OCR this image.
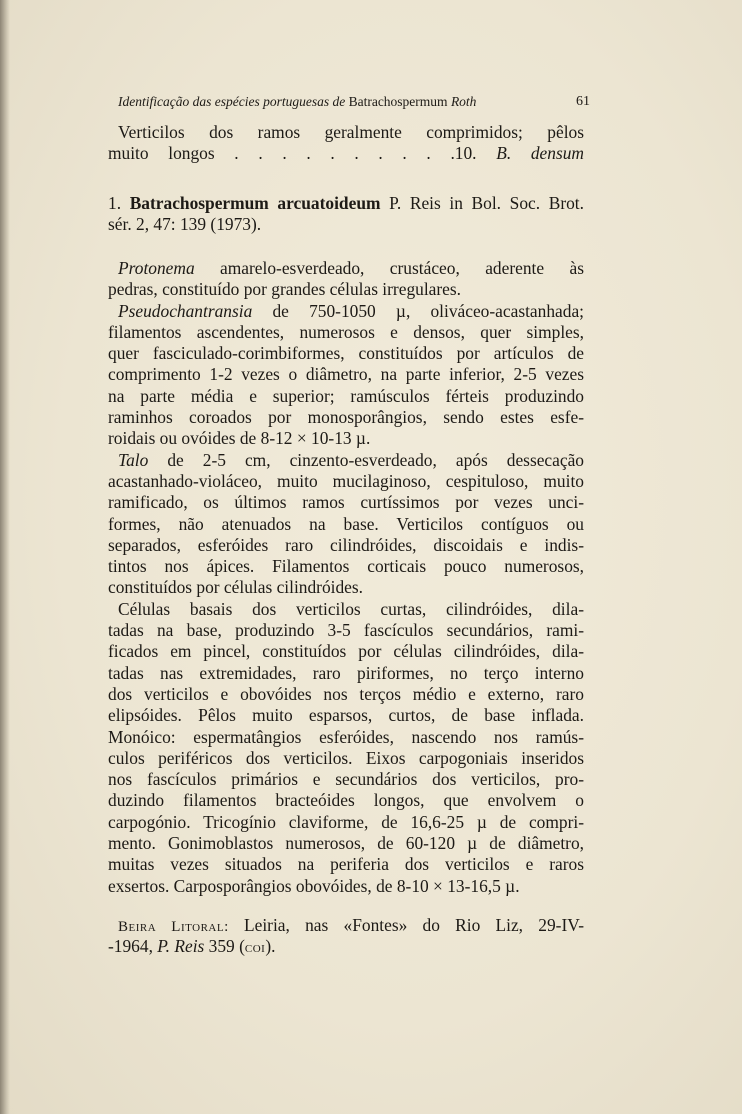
Identificação das espécies portuguesas de Batrachospermum Roth	61
Verticilos dos ramos geralmente comprimidos; pêlos
muito longos . . . . . . . . . .10. B. densum
1. Batrachospermum arcuatoideum P. Reis in Bol. Soc. Brot.
sér. 2, 47: 139 (1973).
Protonema amarelo-esverdeado, crustáceo, aderente às
pedras, constituído por grandes células irregulares.
Pseudochantransia de 750-1050 µ, oliváceo-acastanhada;
filamentos ascendentes, numerosos e densos, quer simples,
quer fasciculado-corimbiformes, constituídos por artículos de
comprimento 1-2 vezes o diâmetro, na parte inferior, 2-5 vezes
na parte média e superior; ramúsculos férteis produzindo
raminhos coroados por monosporângios, sendo estes esfe-
roidais ou ovóides de 8-12 × 10-13 µ.
Talo de 2-5 cm, cinzento-esverdeado, após dessecação
acastanhado-violáceo, muito mucilaginoso, cespituloso, muito
ramificado, os últimos ramos curtíssimos por vezes unci-
formes, não atenuados na base. Verticilos contíguos ou
separados, esferóides raro cilindróides, discoidais e indis-
tintos nos ápices. Filamentos corticais pouco numerosos,
constituídos por células cilindróides.
Células basais dos verticilos curtas, cilindróides, dila-
tadas na base, produzindo 3-5 fascículos secundários, rami-
ficados em pincel, constituídos por células cilindróides, dila-
tadas nas extremidades, raro piriformes, no terço interno
dos verticilos e obovóides nos terços médio e externo, raro
elipsóides. Pêlos muito esparsos, curtos, de base inflada.
Monóico: espermatângios esferóides, nascendo nos ramús-
culos periféricos dos verticilos. Eixos carpogoniais inseridos
nos fascículos primários e secundários dos verticilos, pro-
duzindo filamentos bracteóides longos, que envolvem o
carpogónio. Tricogínio claviforme, de 16,6-25 µ de compri-
mento. Gonimoblastos numerosos, de 60-120 µ de diâmetro,
muitas vezes situados na periferia dos verticilos e raros
exsertos. Carposporângios obovóides, de 8-10 × 13-16,5 µ.
Beira Litoral: Leiria, nas «Fontes» do Rio Liz, 29-IV-
-1964, P. Reis 359 (coi).
